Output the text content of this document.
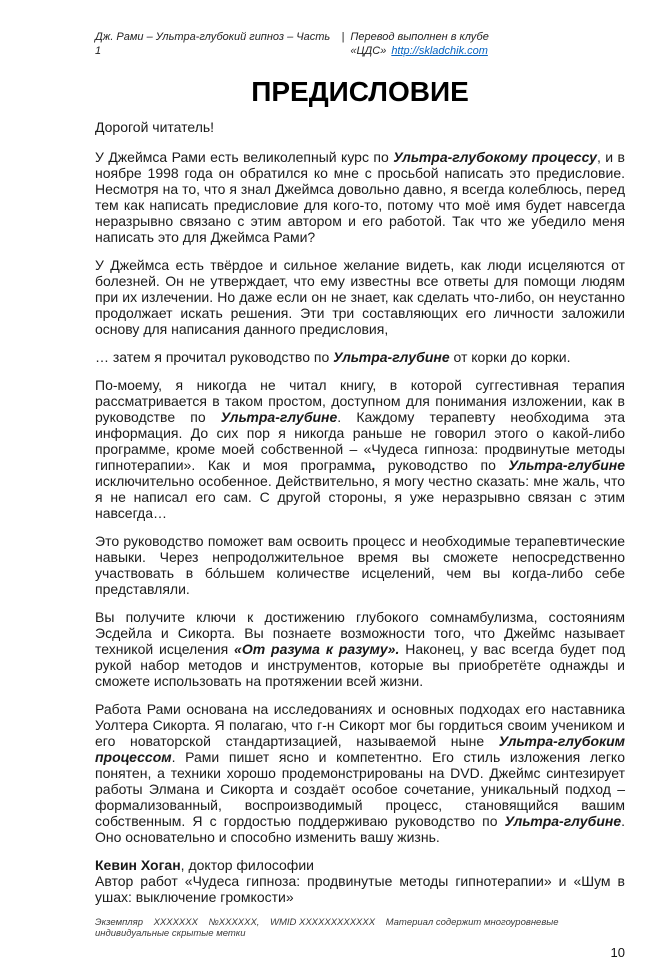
Дж. Рами – Ультра-глубокий гипноз – Часть 1
| Перевод выполнен в клубе «ЦДС» http://skladchik.com
ПРЕДИСЛОВИЕ

Дорогой читатель!

У Джеймса Рами есть великолепный курс по Ультра-глубокому процессу, и в ноябре 1998 года он обратился ко мне с просьбой написать это предисловие. Несмотря на то, что я знал Джеймса довольно давно, я всегда колеблюсь, перед тем как написать предисловие для кого-то, потому что моё имя будет навсегда неразрывно связано с этим автором и его работой. Так что же убедило меня написать это для Джеймса Рами?

У Джеймса есть твёрдое и сильное желание видеть, как люди исцеляются от болезней. Он не утверждает, что ему известны все ответы для помощи людям при их излечении. Но даже если он не знает, как сделать что-либо, он неустанно продолжает искать решения. Эти три составляющих его личности заложили основу для написания данного предисловия,

… затем я прочитал руководство по Ультра-глубине от корки до корки.

По-моему, я никогда не читал книгу, в которой суггестивная терапия рассматривается в таком простом, доступном для понимания изложении, как в руководстве по Ультра-глубине. Каждому терапевту необходима эта информация. До сих пор я никогда раньше не говорил этого о какой-либо программе, кроме моей собственной – «Чудеса гипноза: продвинутые методы гипнотерапии». Как и моя программа, руководство по Ультра-глубине исключительно особенное. Действительно, я могу честно сказать: мне жаль, что я не написал его сам. С другой стороны, я уже неразрывно связан с этим навсегда…

Это руководство поможет вам освоить процесс и необходимые терапевтические навыки. Через непродолжительное время вы сможете непосредственно участвовать в бо́льшем количестве исцелений, чем вы когда-либо себе представляли.

Вы получите ключи к достижению глубокого сомнамбулизма, состояниям Эсдейла и Сикорта. Вы познаете возможности того, что Джеймс называет техникой исцеления «От разума к разуму». Наконец, у вас всегда будет под рукой набор методов и инструментов, которые вы приобретёте однажды и сможете использовать на протяжении всей жизни.

Работа Рами основана на исследованиях и основных подходах его наставника Уолтера Сикорта. Я полагаю, что г-н Сикорт мог бы гордиться своим учеником и его новаторской стандартизацией, называемой ныне Ультра-глубоким процессом. Рами пишет ясно и компетентно. Его стиль изложения легко понятен, а техники хорошо продемонстрированы на DVD. Джеймс синтезирует работы Элмана и Сикорта и создаёт особое сочетание, уникальный подход – формализованный, воспроизводимый процесс, становящийся вашим собственным. Я с гордостью поддерживаю руководство по Ультра-глубине. Оно основательно и способно изменить вашу жизнь.

Кевин Хоган, доктор философии
Автор работ «Чудеса гипноза: продвинутые методы гипнотерапии» и «Шум в ушах: выключение громкости»

Экземпляр    XXXXXXX    №XXXXXX,    WMID XXXXXXXXXXXX    Материал содержит многоуровневые индивидуальные скрытые метки
10
